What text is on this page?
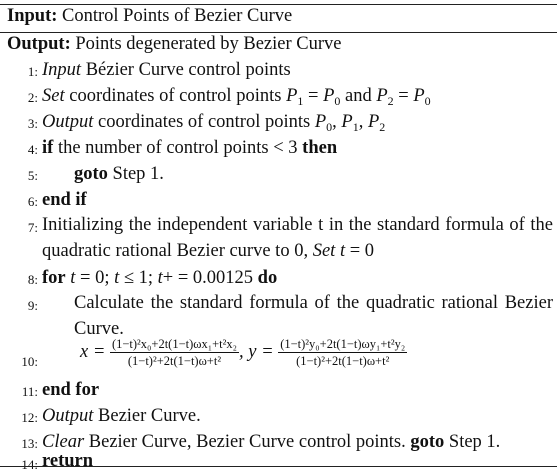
Input: Control Points of Bezier Curve
Output: Points degenerated by Bezier Curve
1: Input Bézier Curve control points
2: Set coordinates of control points $P_1 = P_0$ and $P_2 = P_0$
3: Output coordinates of control points $P_0$, $P_1$, $P_2$
4: if the number of control points < 3 then
5: goto Step 1.
6: end if
7: Initializing the independent variable t in the standard formula of the quadratic rational Bezier curve to 0, Set t = 0
8: for t = 0; t ≤ 1; t+ = 0.00125 do
9: Calculate the standard formula of the quadratic rational Bezier Curve.
10: $x = \frac{\text{(1−t)²x₀+2t(1−t)ωx₁+t²x₂}}{\text{(1−t)²+2t(1−t)ω+t²}}$ , $y = \frac{\text{(1−t)²y₀+2t(1−t)ωy₁+t²y₂}}{\text{(1−t)²+2t(1−t)ω+t²}}$
11: end for
12: Output Bezier Curve.
13: Clear Bezier Curve, Bezier Curve control points. goto Step 1.
14: return
